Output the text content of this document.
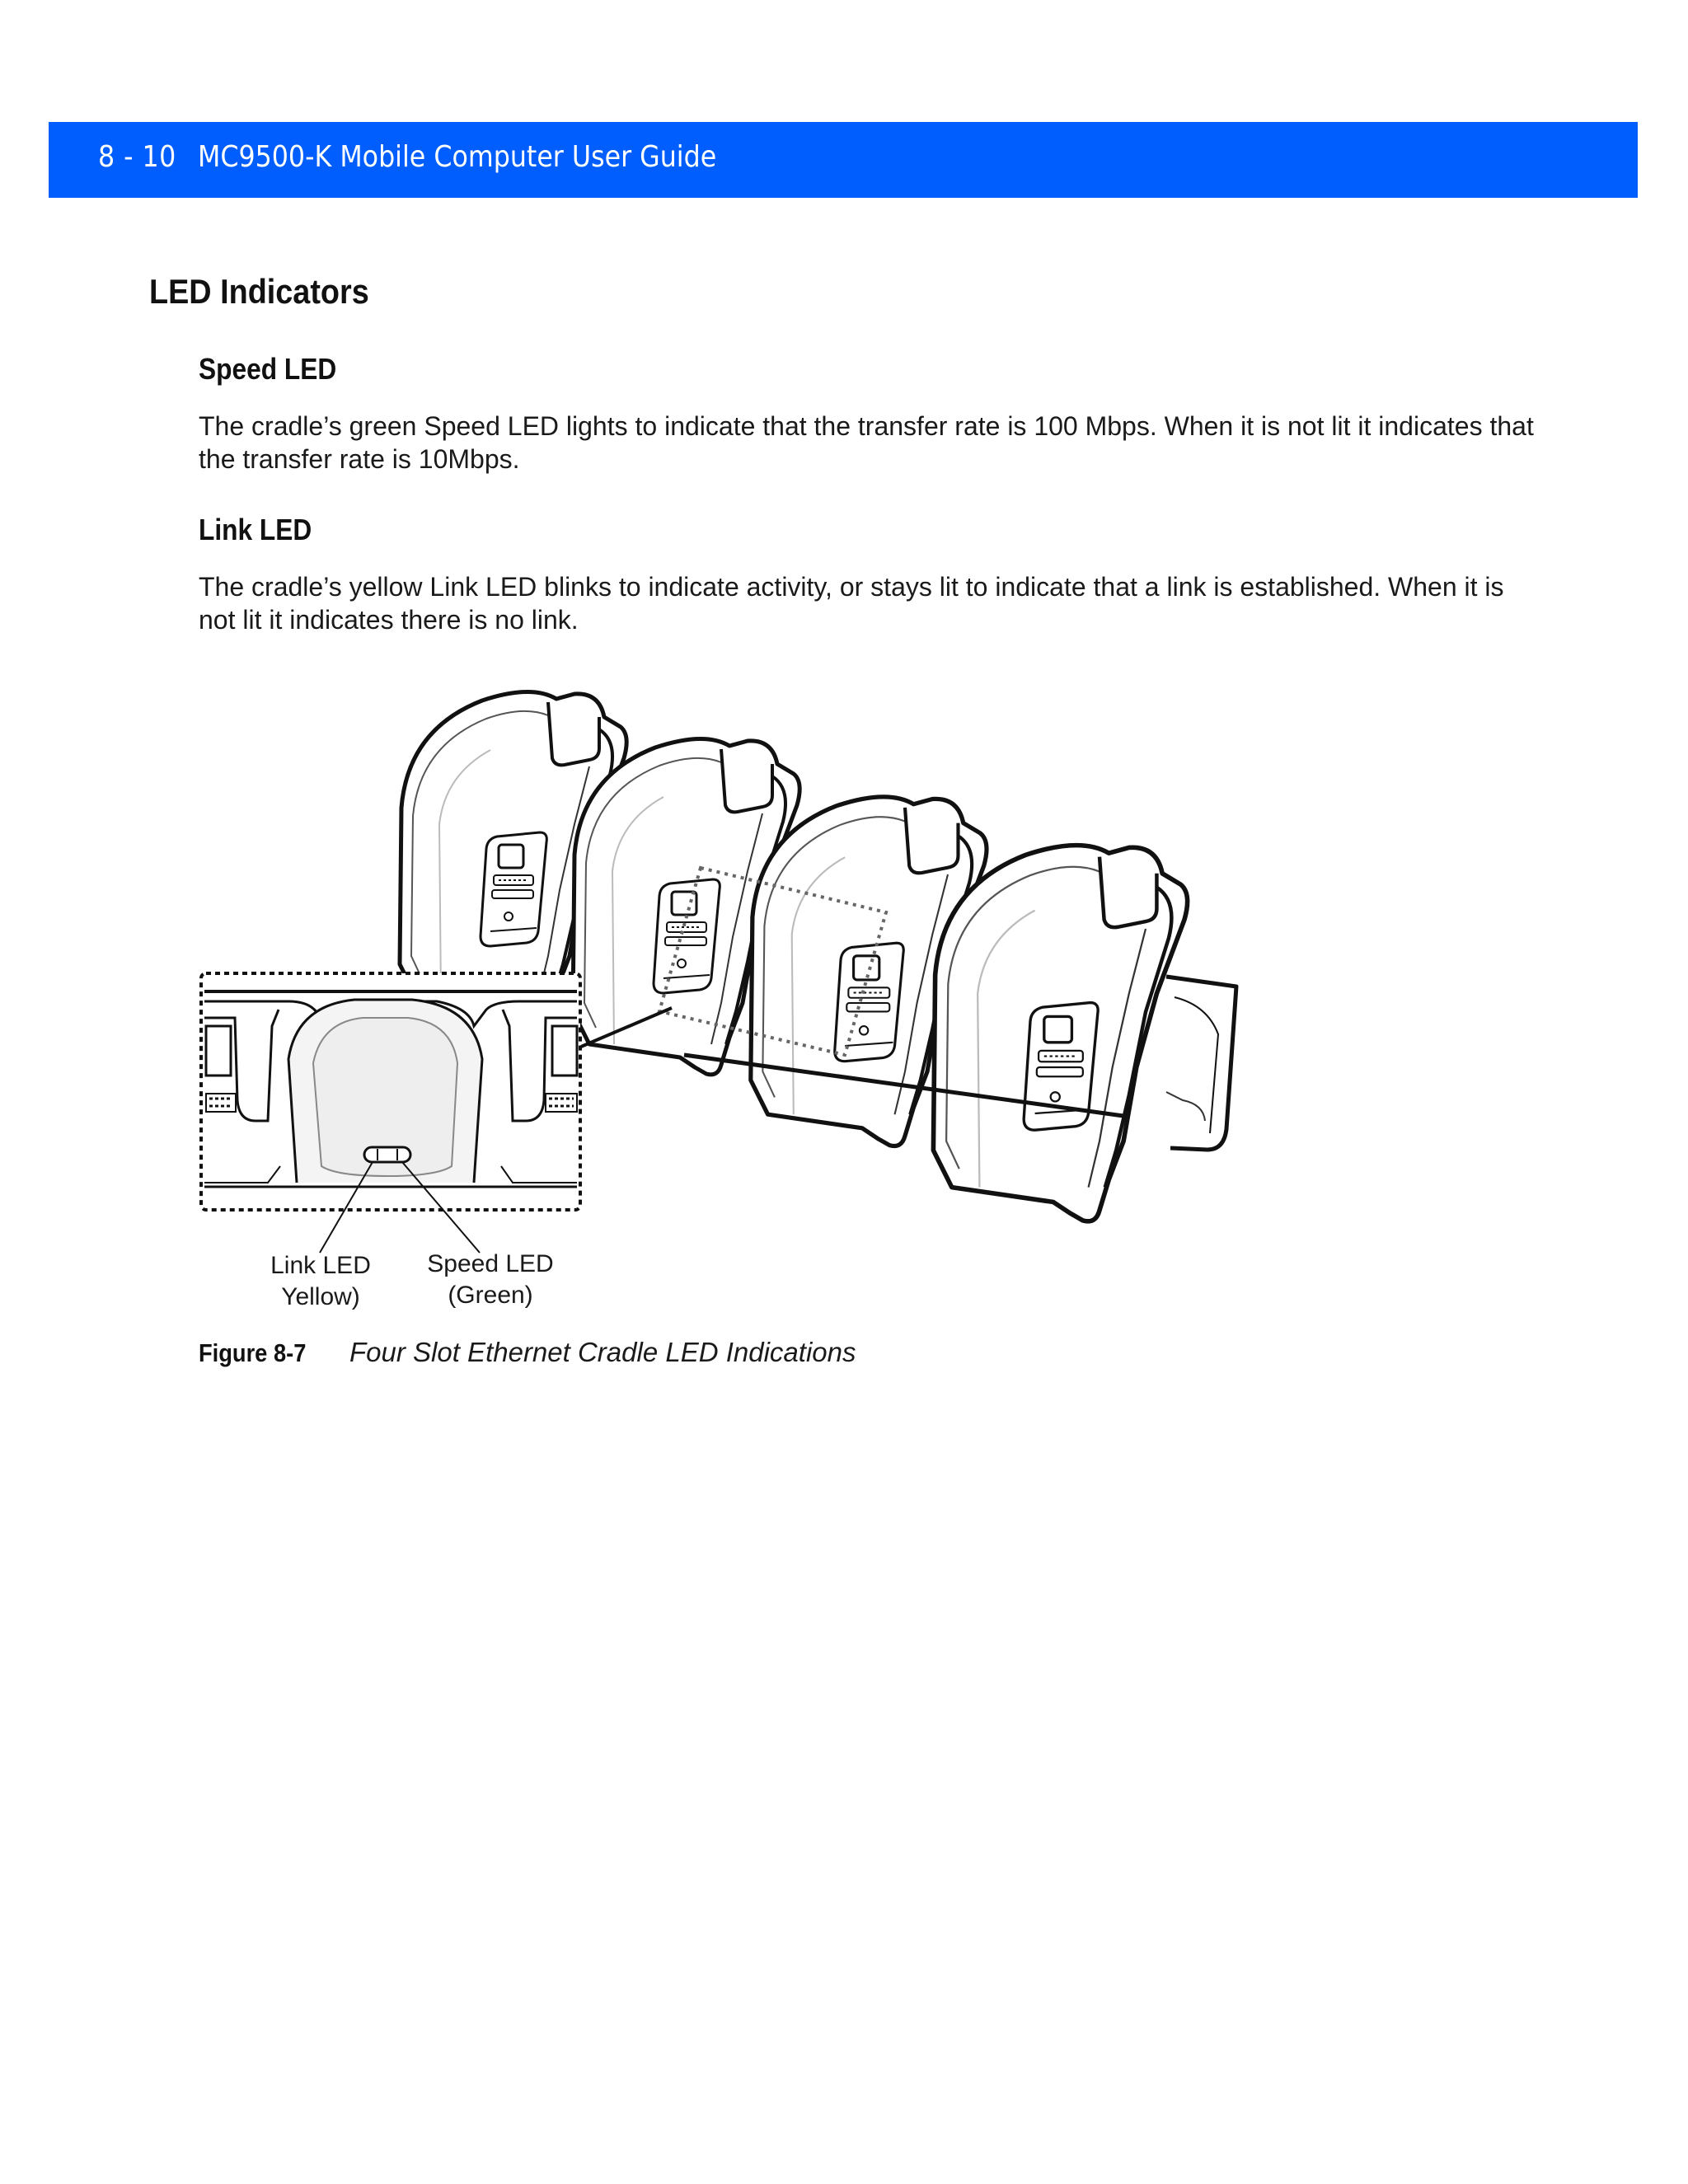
8 - 10 MC9500-K Mobile Computer User Guide
LED Indicators
Speed LED
The cradle’s green Speed LED lights to indicate that the transfer rate is 100 Mbps. When it is not lit it indicates that
the transfer rate is 10Mbps.
Link LED
The cradle’s yellow Link LED blinks to indicate activity, or stays lit to indicate that a link is established. When it is
not lit it indicates there is no link.
Link LED
Yellow)
Speed LED
(Green)
Figure 8-7 Four Slot Ethernet Cradle LED Indications
